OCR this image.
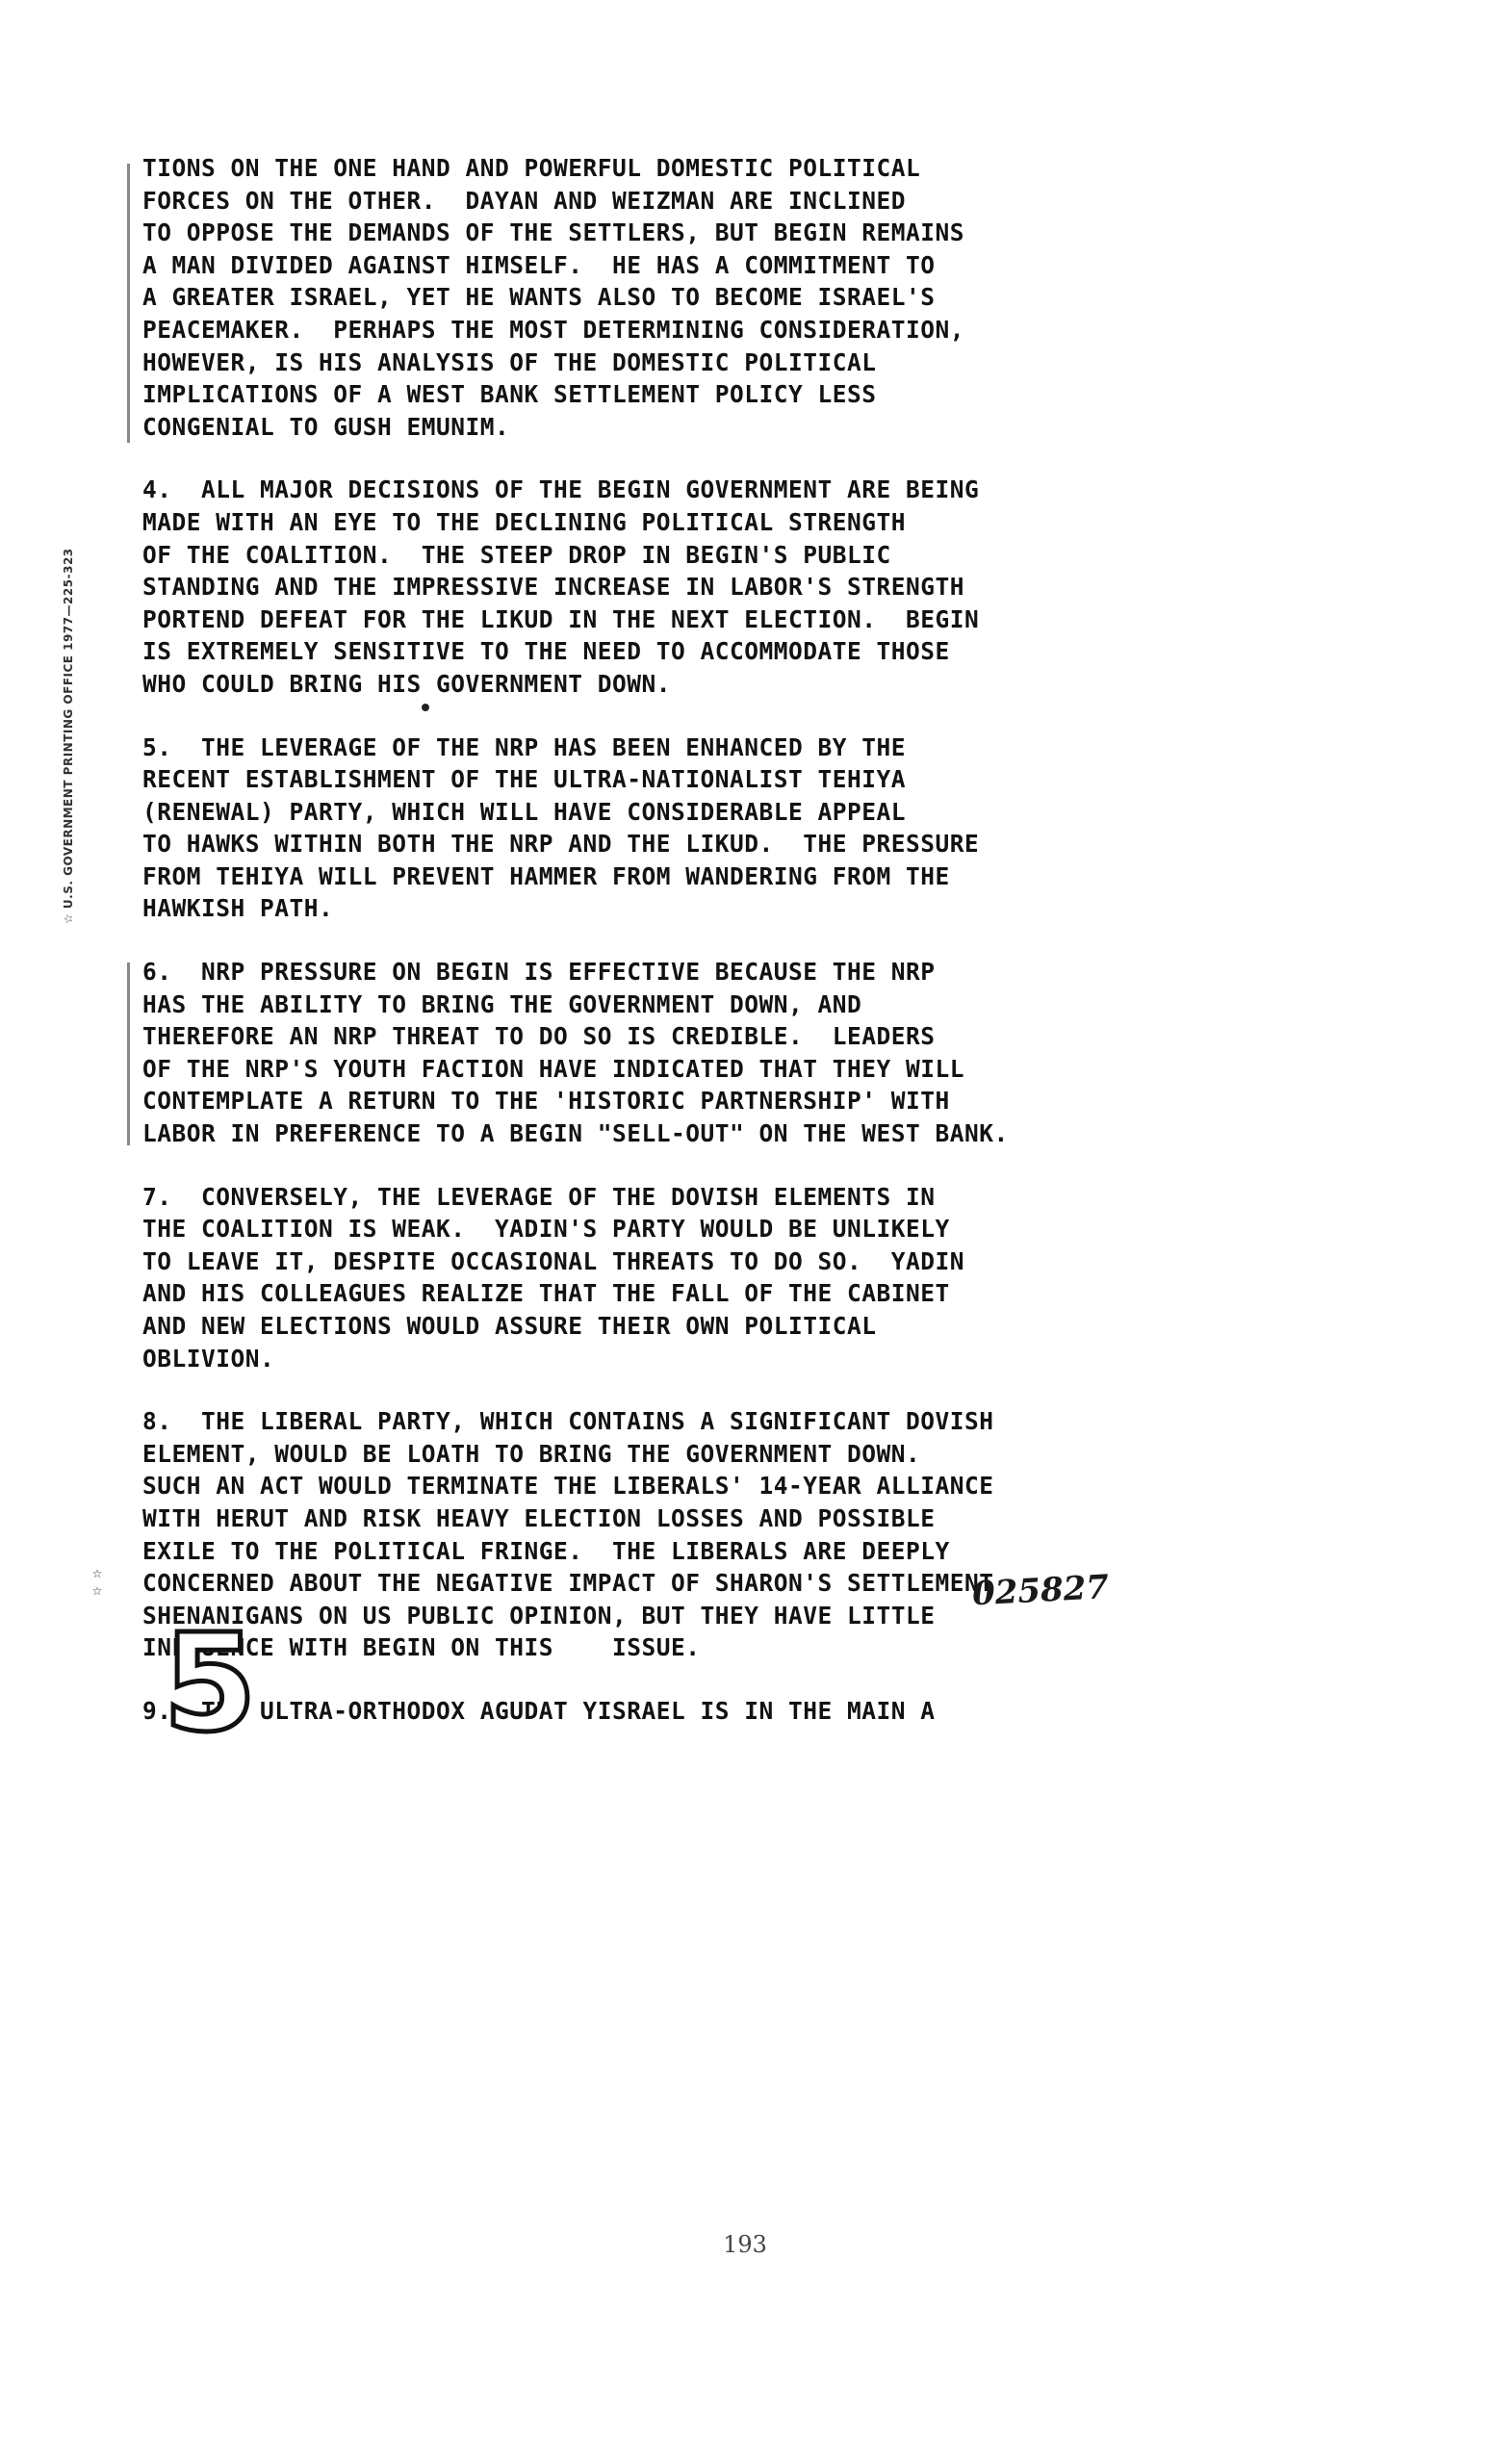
☆ U.S. GOVERNMENT PRINTING OFFICE 1977—225-323
TIONS ON THE ONE HAND AND POWERFUL DOMESTIC POLITICAL
FORCES ON THE OTHER.  DAYAN AND WEIZMAN ARE INCLINED
TO OPPOSE THE DEMANDS OF THE SETTLERS, BUT BEGIN REMAINS
A MAN DIVIDED AGAINST HIMSELF.  HE HAS A COMMITMENT TO
A GREATER ISRAEL, YET HE WANTS ALSO TO BECOME ISRAEL'S
PEACEMAKER.  PERHAPS THE MOST DETERMINING CONSIDERATION,
HOWEVER, IS HIS ANALYSIS OF THE DOMESTIC POLITICAL
IMPLICATIONS OF A WEST BANK SETTLEMENT POLICY LESS
CONGENIAL TO GUSH EMUNIM.
4.  ALL MAJOR DECISIONS OF THE BEGIN GOVERNMENT ARE BEING
MADE WITH AN EYE TO THE DECLINING POLITICAL STRENGTH
OF THE COALITION.  THE STEEP DROP IN BEGIN'S PUBLIC
STANDING AND THE IMPRESSIVE INCREASE IN LABOR'S STRENGTH
PORTEND DEFEAT FOR THE LIKUD IN THE NEXT ELECTION.  BEGIN
IS EXTREMELY SENSITIVE TO THE NEED TO ACCOMMODATE THOSE
WHO COULD BRING HIS GOVERNMENT DOWN.
5.  THE LEVERAGE OF THE NRP HAS BEEN ENHANCED BY THE
RECENT ESTABLISHMENT OF THE ULTRA-NATIONALIST TEHIYA
(RENEWAL) PARTY, WHICH WILL HAVE CONSIDERABLE APPEAL
TO HAWKS WITHIN BOTH THE NRP AND THE LIKUD.  THE PRESSURE
FROM TEHIYA WILL PREVENT HAMMER FROM WANDERING FROM THE
HAWKISH PATH.
6.  NRP PRESSURE ON BEGIN IS EFFECTIVE BECAUSE THE NRP
HAS THE ABILITY TO BRING THE GOVERNMENT DOWN, AND
THEREFORE AN NRP THREAT TO DO SO IS CREDIBLE.  LEADERS
OF THE NRP'S YOUTH FACTION HAVE INDICATED THAT THEY WILL
CONTEMPLATE A RETURN TO THE 'HISTORIC PARTNERSHIP' WITH
LABOR IN PREFERENCE TO A BEGIN "SELL-OUT" ON THE WEST BANK.
7.  CONVERSELY, THE LEVERAGE OF THE DOVISH ELEMENTS IN
THE COALITION IS WEAK.  YADIN'S PARTY WOULD BE UNLIKELY
TO LEAVE IT, DESPITE OCCASIONAL THREATS TO DO SO.  YADIN
AND HIS COLLEAGUES REALIZE THAT THE FALL OF THE CABINET
AND NEW ELECTIONS WOULD ASSURE THEIR OWN POLITICAL
OBLIVION.
8.  THE LIBERAL PARTY, WHICH CONTAINS A SIGNIFICANT DOVISH
ELEMENT, WOULD BE LOATH TO BRING THE GOVERNMENT DOWN.
SUCH AN ACT WOULD TERMINATE THE LIBERALS' 14-YEAR ALLIANCE
WITH HERUT AND RISK HEAVY ELECTION LOSSES AND POSSIBLE
EXILE TO THE POLITICAL FRINGE.  THE LIBERALS ARE DEEPLY
CONCERNED ABOUT THE NEGATIVE IMPACT OF SHARON'S SETTLEMENT
SHENANIGANS ON US PUBLIC OPINION, BUT THEY HAVE LITTLE
INFLUENCE WITH BEGIN ON THIS    ISSUE.
9.  THE ULTRA-ORTHODOX AGUDAT YISRAEL IS IN THE MAIN A
☆ ☆
5
025827
193
